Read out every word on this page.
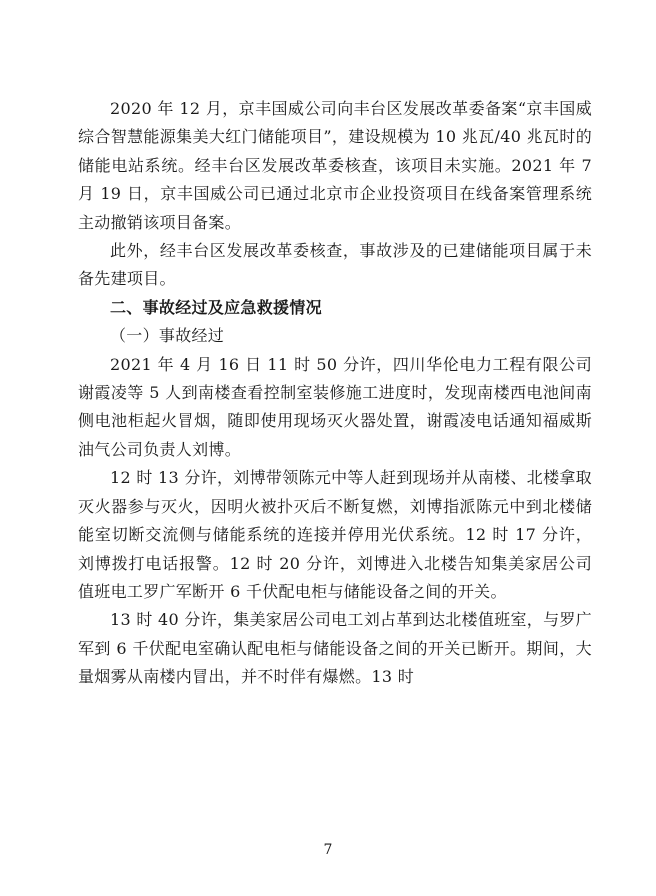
2020 年 12 月，京丰国威公司向丰台区发展改革委备案“京丰国威综合智慧能源集美大红门储能项目”，建设规模为 10 兆瓦/40 兆瓦时的储能电站系统。经丰台区发展改革委核查，该项目未实施。2021 年 7 月 19 日，京丰国威公司已通过北京市企业投资项目在线备案管理系统主动撤销该项目备案。

此外，经丰台区发展改革委核查，事故涉及的已建储能项目属于未备先建项目。

二、事故经过及应急救援情况

（一）事故经过

2021 年 4 月 16 日 11 时 50 分许，四川华伦电力工程有限公司谢霞凌等 5 人到南楼查看控制室装修施工进度时，发现南楼西电池间南侧电池柜起火冒烟，随即使用现场灭火器处置，谢霞凌电话通知福威斯油气公司负责人刘博。

12 时 13 分许，刘博带领陈元中等人赶到现场并从南楼、北楼拿取灭火器参与灭火，因明火被扑灭后不断复燃，刘博指派陈元中到北楼储能室切断交流侧与储能系统的连接并停用光伏系统。12 时 17 分许，刘博拨打电话报警。12 时 20 分许，刘博进入北楼告知集美家居公司值班电工罗广军断开 6 千伏配电柜与储能设备之间的开关。

13 时 40 分许，集美家居公司电工刘占革到达北楼值班室，与罗广军到 6 千伏配电室确认配电柜与储能设备之间的开关已断开。期间，大量烟雾从南楼内冒出，并不时伴有爆燃。13 时

7
